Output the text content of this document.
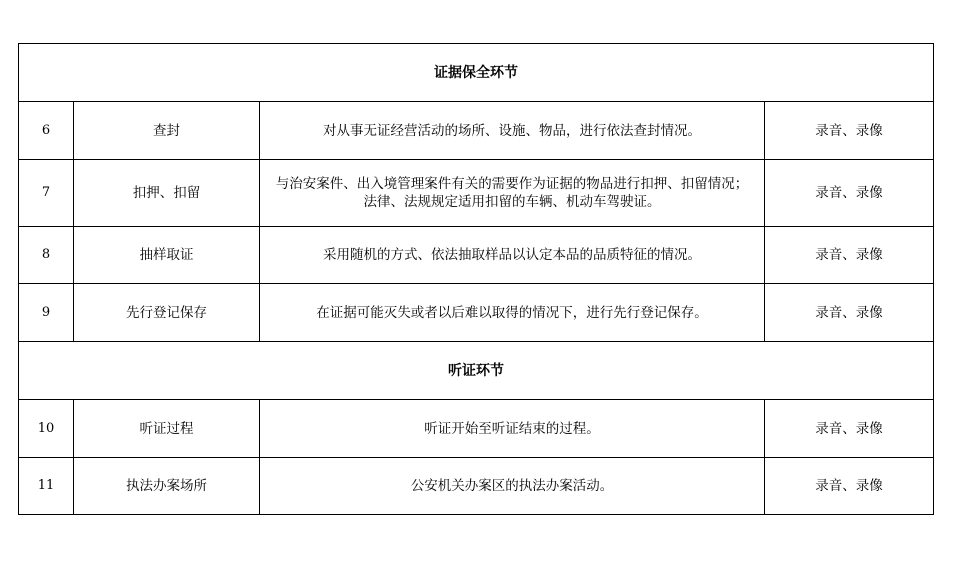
证据保全环节			
6	查封	对从事无证经营活动的场所、设施、物品，进行依法查封情况。	录音、录像
7	扣押、扣留	与治安案件、出入境管理案件有关的需要作为证据的物品进行扣押、扣留情况；
法律、法规规定适用扣留的车辆、机动车驾驶证。	录音、录像
8	抽样取证	采用随机的方式、依法抽取样品以认定本品的品质特征的情况。	录音、录像
9	先行登记保存	在证据可能灭失或者以后难以取得的情况下，进行先行登记保存。	录音、录像
听证环节			
10	听证过程	听证开始至听证结束的过程。	录音、录像
11	执法办案场所	公安机关办案区的执法办案活动。	录音、录像
